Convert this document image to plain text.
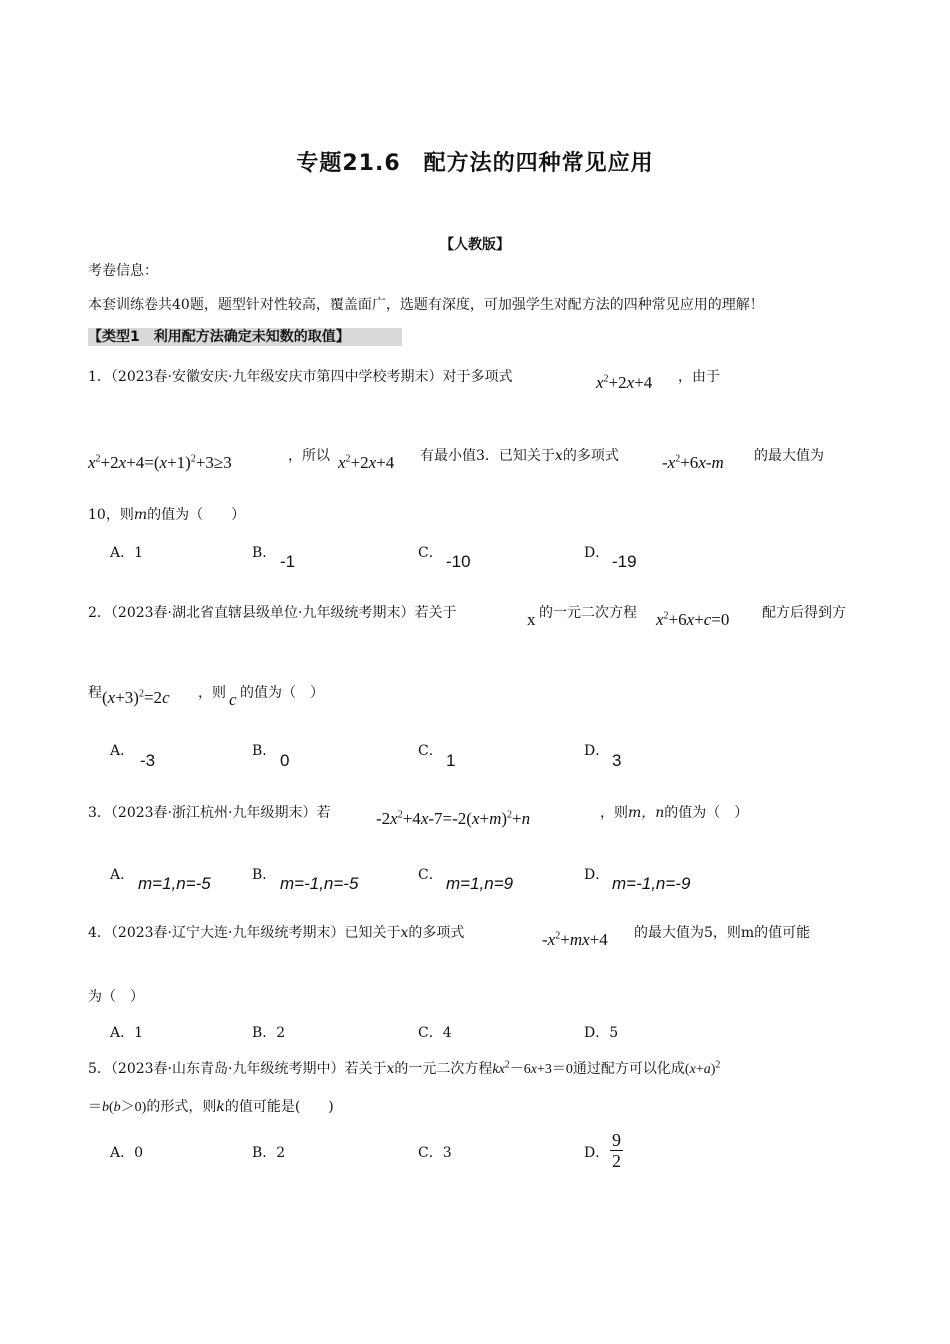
专题21.6　配方法的四种常见应用
【人教版】
考卷信息：
本套训练卷共40题，题型针对性较高，覆盖面广，选题有深度，可加强学生对配方法的四种常见应用的理解！
【类型1　利用配方法确定未知数的取值】
1．（2023春·安徽安庆·九年级安庆市第四中学校考期末）对于多项式	$x^2+2x+4$ ，由于
$x^2+2x+4=(x+1)^2+3\ge 3$	，所以 $x^2+2x+4$ 有最小值3．已知关于x的多项式	$-x^2+6x-m$ 的最大值为
10，则m的值为（　　）
A．1	B． -1	C． -10	D． -19
2．（2023春·湖北省直辖县级单位·九年级统考期末）若关于	x 的一元二次方程 $x^2+6x+c=0$ 配方后得到方
程 $(x+3)^2=2c$ ，则 c 的值为（　）
A． -3	B． 0	C． 1	D． 3
3．（2023春·浙江杭州·九年级期末）若	$-2x^2+4x-7=-2(x+m)^2+n$	，则m，n的值为（　）
A． m=1,n=-5	B． m=-1,n=-5	C． m=1,n=9	D． m=-1,n=-9
4．（2023春·辽宁大连·九年级统考期末）已知关于x的多项式	$-x^2+mx+4$ 的最大值为5，则m的值可能
为（　）
A．1	B．2	C．4	D．5
5．（2023春·山东青岛·九年级统考期中）若关于x的一元二次方程$kx^2-6x+3=0$通过配方可以化成$(x+a)^2$
＝b(b＞0)的形式，则k的值可能是(　　)
A．0	B．2	C．3	D． $\frac{9}{2}$
